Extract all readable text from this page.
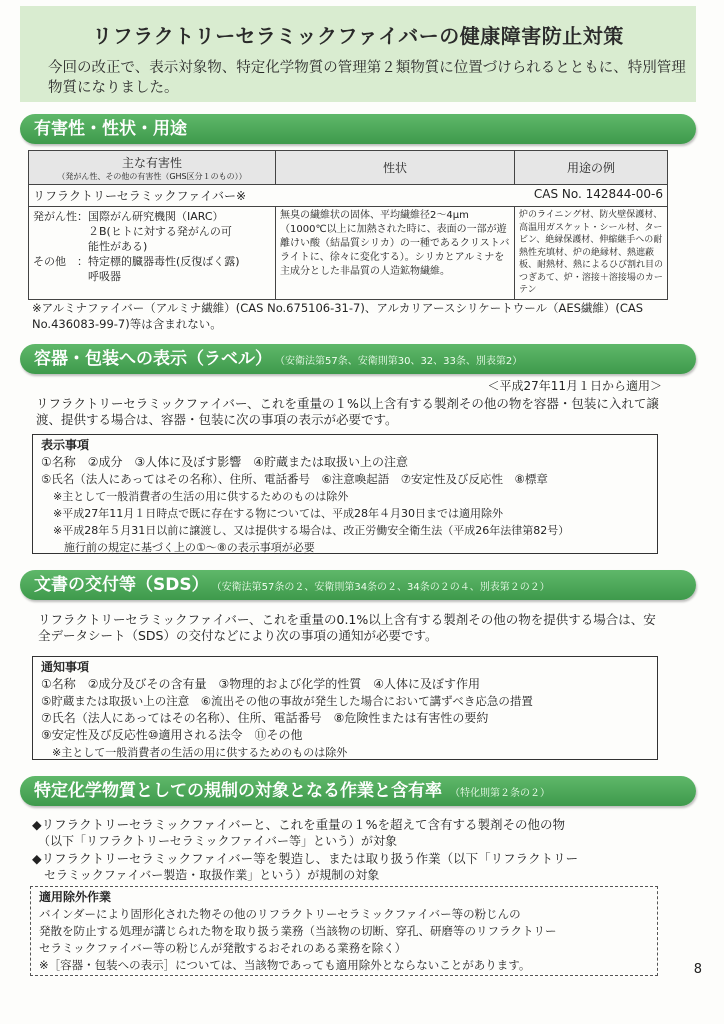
リフラクトリーセラミックファイバーの健康障害防止対策
今回の改正で、表示対象物、特定化学物質の管理第２類物質に位置づけられるとともに、特別管理物質になりました。
有害性・性状・用途
主な有害性
（発がん性、その他の有害性（GHS区分１のもの））	性状	用途の例
リフラクトリーセラミックファイバー※		CAS No. 142844-00-6

発がん性：国際がん研究機関（IARC）
　　　　　２B(ヒトに対する発がんの可
　　　　　能性がある)
その他　：特定標的臓器毒性(反復ばく露)
　　　　　呼吸器	無臭の繊維状の固体、平均繊維径2～4μm（1000℃以上に加熱された時に、表面の一部が遊離けい酸（結晶質シリカ）の一種であるクリストバライトに、徐々に変化する）。シリカとアルミナを主成分とした非晶質の人造鉱物繊維。	炉のライニング材、防火壁保護材、高温用ガスケット・シール材、タービン、絶縁保護材、伸縮継手への耐熱性充填材、炉の絶縁材、熱遮蔽板、耐熱材、熱によるひび割れ目のつぎあて、炉・溶接＋溶接場のカーテン
※アルミナファイバー（アルミナ繊維）(CAS No.675106-31-7)、アルカリアースシリケートウール（AES繊維）(CAS No.436083-99-7)等は含まれない。
容器・包装への表示（ラベル） （安衛法第57条、安衛則第30、32、33条、別表第2）
＜平成27年11月１日から適用＞
リフラクトリーセラミックファイバー、これを重量の１%以上含有する製剤その他の物を容器・包装に入れて譲渡、提供する場合は、容器・包装に次の事項の表示が必要です。
表示事項
①名称　②成分　③人体に及ぼす影響　④貯蔵または取扱い上の注意
⑤氏名（法人にあってはその名称）、住所、電話番号　⑥注意喚起語　⑦安定性及び反応性　⑧標章
※主として一般消費者の生活の用に供するためのものは除外
※平成27年11月１日時点で既に存在する物については、平成28年４月30日までは適用除外
※平成28年５月31日以前に譲渡し、又は提供する場合は、改正労働安全衛生法（平成26年法律第82号）
　施行前の規定に基づく上の①～⑧の表示事項が必要
文書の交付等（SDS） （安衛法第57条の２、安衛則第34条の２、34条の２の４、別表第２の２）
リフラクトリーセラミックファイバー、これを重量の0.1%以上含有する製剤その他の物を提供する場合は、安全データシート（SDS）の交付などにより次の事項の通知が必要です。
通知事項
①名称　②成分及びその含有量　③物理的および化学的性質　④人体に及ぼす作用
⑤貯蔵または取扱い上の注意　⑥流出その他の事故が発生した場合において講ずべき応急の措置
⑦氏名（法人にあってはその名称）、住所、電話番号　⑧危険性または有害性の要約
⑨安定性及び反応性⑩適用される法令　⑪その他
　※主として一般消費者の生活の用に供するためのものは除外
特定化学物質としての規制の対象となる作業と含有率 （特化則第２条の２）
◆リフラクトリーセラミックファイバーと、これを重量の１%を超えて含有する製剤その他の物
　（以下「リフラクトリーセラミックファイバー等」という）が対象
◆リフラクトリーセラミックファイバー等を製造し、または取り扱う作業（以下「リフラクトリー
　セラミックファイバー製造・取扱作業」という）が規制の対象
適用除外作業
バインダーにより固形化された物その他のリフラクトリーセラミックファイバー等の粉じんの
発散を防止する処理が講じられた物を取り扱う業務（当該物の切断、穿孔、研磨等のリフラクトリー
セラミックファイバー等の粉じんが発散するおそれのある業務を除く）
※［容器・包装への表示］については、当該物であっても適用除外とならないことがあります。	8
